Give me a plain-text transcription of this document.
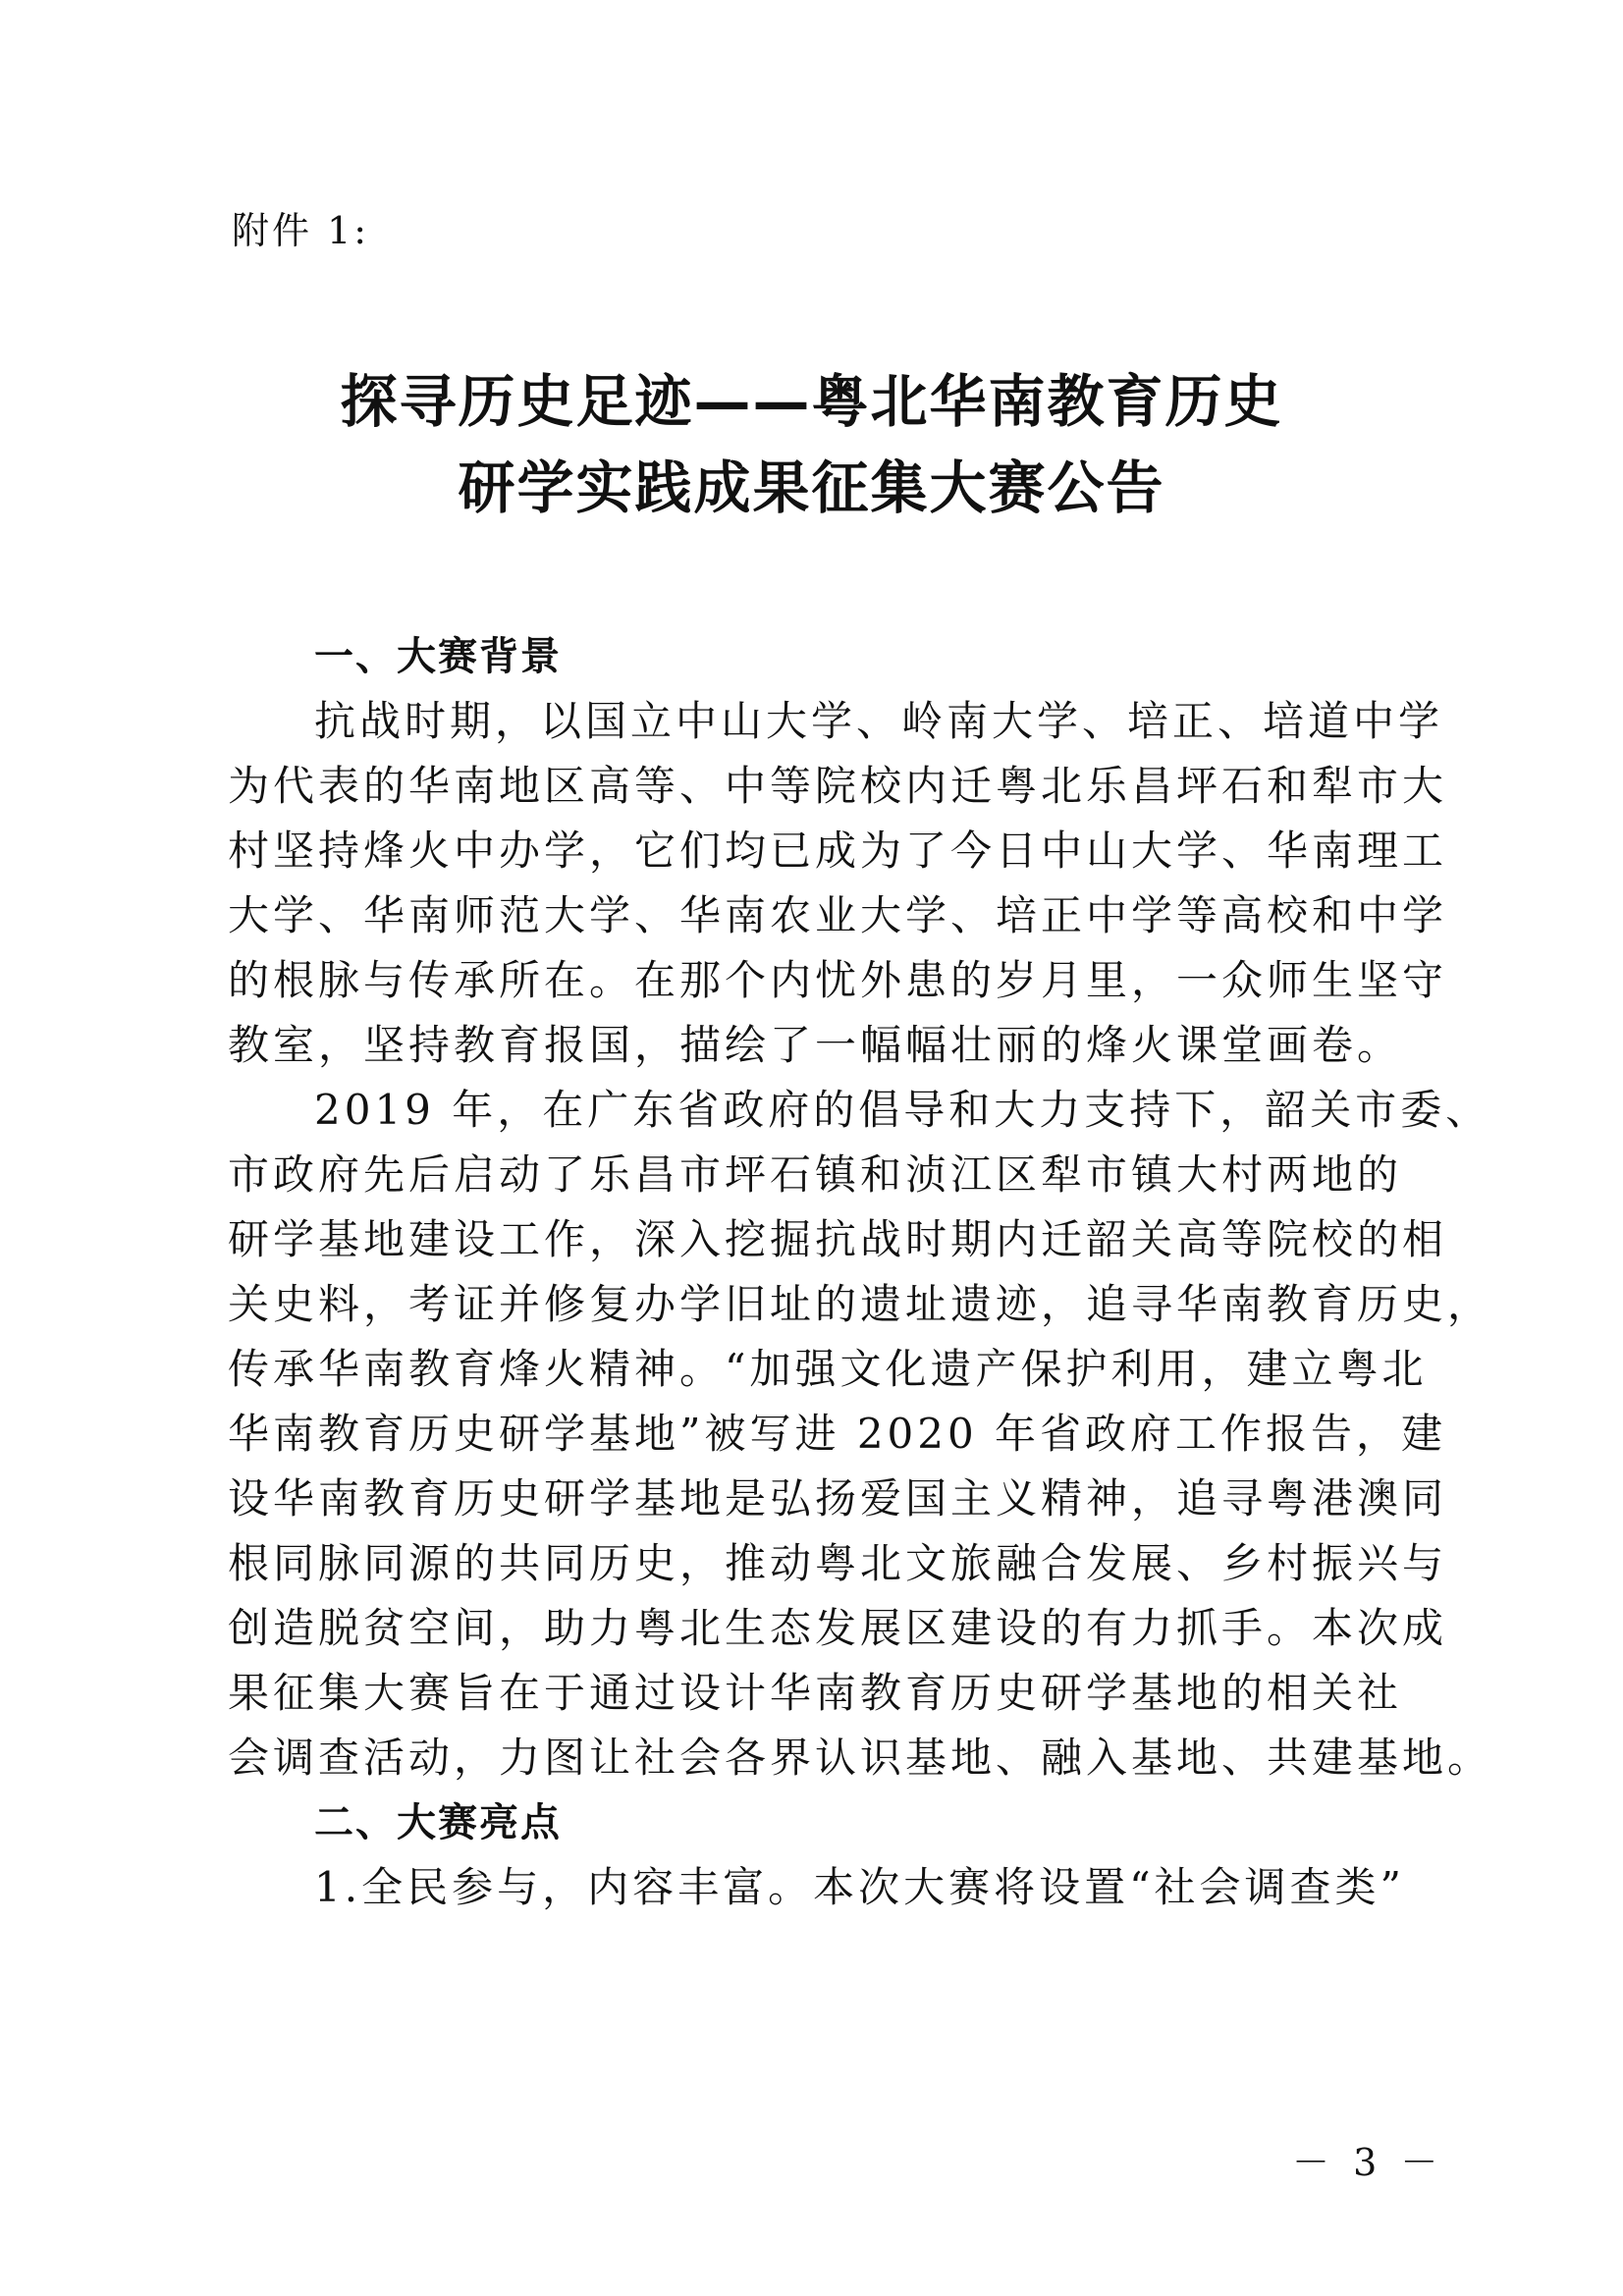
附件 1:
探寻历史足迹——粤北华南教育历史
研学实践成果征集大赛公告
一、大赛背景
抗战时期，以国立中山大学、岭南大学、培正、培道中学
为代表的华南地区高等、中等院校内迁粤北乐昌坪石和犁市大
村坚持烽火中办学，它们均已成为了今日中山大学、华南理工
大学、华南师范大学、华南农业大学、培正中学等高校和中学
的根脉与传承所在。在那个内忧外患的岁月里，一众师生坚守
教室，坚持教育报国，描绘了一幅幅壮丽的烽火课堂画卷。
2019 年，在广东省政府的倡导和大力支持下，韶关市委、
市政府先后启动了乐昌市坪石镇和浈江区犁市镇大村两地的
研学基地建设工作，深入挖掘抗战时期内迁韶关高等院校的相
关史料，考证并修复办学旧址的遗址遗迹，追寻华南教育历史，
传承华南教育烽火精神。“加强文化遗产保护利用，建立粤北
华南教育历史研学基地”被写进 2020 年省政府工作报告，建
设华南教育历史研学基地是弘扬爱国主义精神，追寻粤港澳同
根同脉同源的共同历史，推动粤北文旅融合发展、乡村振兴与
创造脱贫空间，助力粤北生态发展区建设的有力抓手。本次成
果征集大赛旨在于通过设计华南教育历史研学基地的相关社
会调查活动，力图让社会各界认识基地、融入基地、共建基地。
二、大赛亮点
1.全民参与，内容丰富。本次大赛将设置“社会调查类”
－ 3 －
